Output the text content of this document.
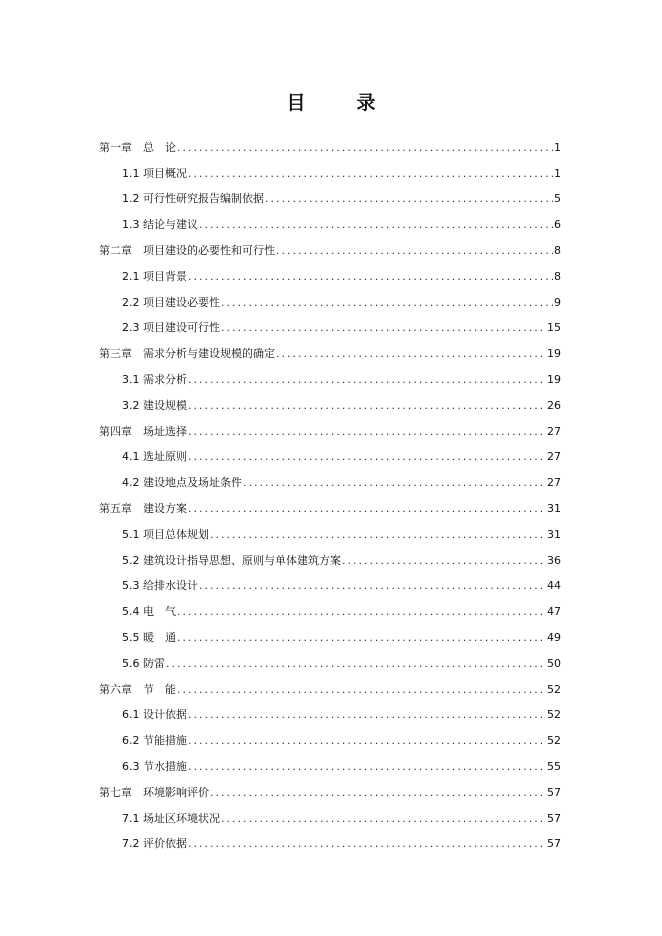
目　录
第一章　总　论 .....	1
1.1 项目概况 .....	1
1.2 可行性研究报告编制依据 .....	5
1.3 结论与建议 .....	6
第二章　项目建设的必要性和可行性 .....	8
2.1 项目背景 .....	8
2.2 项目建设必要性 .....	9
2.3 项目建设可行性 .....	15
第三章　需求分析与建设规模的确定 .....	19
3.1 需求分析 .....	19
3.2 建设规模 .....	26
第四章　场址选择 .....	27
4.1 选址原则 .....	27
4.2 建设地点及场址条件 .....	27
第五章　建设方案 .....	31
5.1 项目总体规划 .....	31
5.2 建筑设计指导思想、原则与单体建筑方案 .....	36
5.3 给排水设计 .....	44
5.4 电　气 .....	47
5.5 暖　通 .....	49
5.6 防雷 .....	50
第六章　节　能 .....	52
6.1 设计依据 .....	52
6.2 节能措施 .....	52
6.3 节水措施 .....	55
第七章　环境影响评价 .....	57
7.1 场址区环境状况 .....	57
7.2 评价依据 .....	57
